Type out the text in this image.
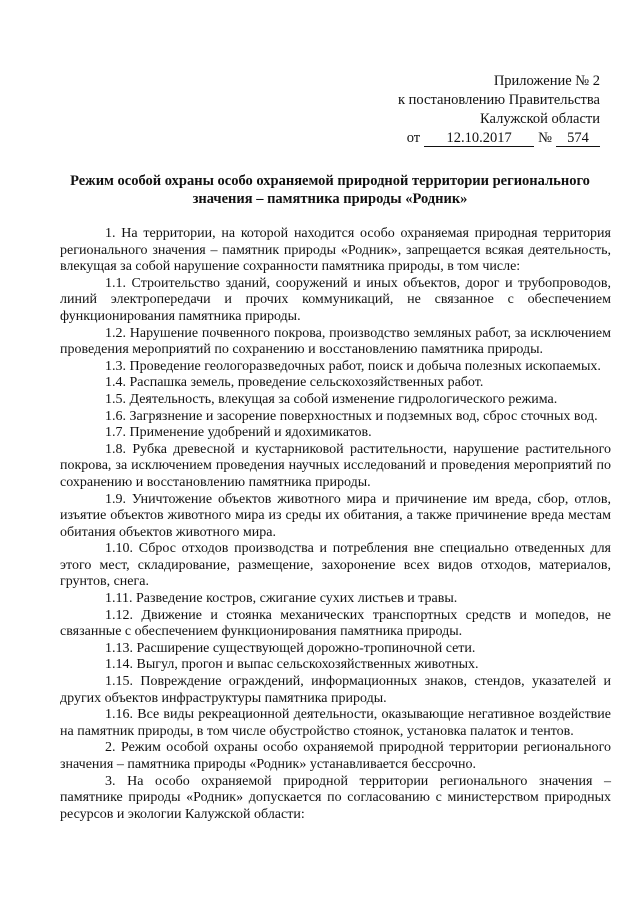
Приложение № 2
к постановлению Правительства
Калужской области
от	12.10.2017	№	574
Режим особой охраны особо охраняемой природной территории регионального
значения – памятника природы «Родник»

1. На территории, на которой находится особо охраняемая природная территория регионального значения – памятник природы «Родник», запрещается всякая деятельность, влекущая за собой нарушение сохранности памятника природы, в том числе:

1.1. Строительство зданий, сооружений и иных объектов, дорог и трубопроводов, линий электропередачи и прочих коммуникаций, не связанное с обеспечением функционирования памятника природы.

1.2. Нарушение почвенного покрова, производство земляных работ, за исключением проведения мероприятий по сохранению и восстановлению памятника природы.

1.3. Проведение геологоразведочных работ, поиск и добыча полезных ископаемых.

1.4. Распашка земель, проведение сельскохозяйственных работ.

1.5. Деятельность, влекущая за собой изменение гидрологического режима.

1.6. Загрязнение и засорение поверхностных и подземных вод, сброс сточных вод.

1.7. Применение удобрений и ядохимикатов.

1.8. Рубка древесной и кустарниковой растительности, нарушение растительного покрова, за исключением проведения научных исследований и проведения мероприятий по сохранению и восстановлению памятника природы.

1.9. Уничтожение объектов животного мира и причинение им вреда, сбор, отлов, изъятие объектов животного мира из среды их обитания, а также причинение вреда местам обитания объектов животного мира.

1.10. Сброс отходов производства и потребления вне специально отведенных для этого мест, складирование, размещение, захоронение всех видов отходов, материалов, грунтов, снега.

1.11. Разведение костров, сжигание сухих листьев и травы.

1.12. Движение и стоянка механических транспортных средств и мопедов, не связанные с обеспечением функционирования памятника природы.

1.13. Расширение существующей дорожно-тропиночной сети.

1.14. Выгул, прогон и выпас сельскохозяйственных животных.

1.15. Повреждение ограждений, информационных знаков, стендов, указателей и других объектов инфраструктуры памятника природы.

1.16. Все виды рекреационной деятельности, оказывающие негативное воздействие на памятник природы, в том числе обустройство стоянок, установка палаток и тентов.

2. Режим особой охраны особо охраняемой природной территории регионального значения – памятника природы «Родник» устанавливается бессрочно.

3. На особо охраняемой природной территории регионального значения – памятнике природы «Родник» допускается по согласованию с министерством природных ресурсов и экологии Калужской области:
